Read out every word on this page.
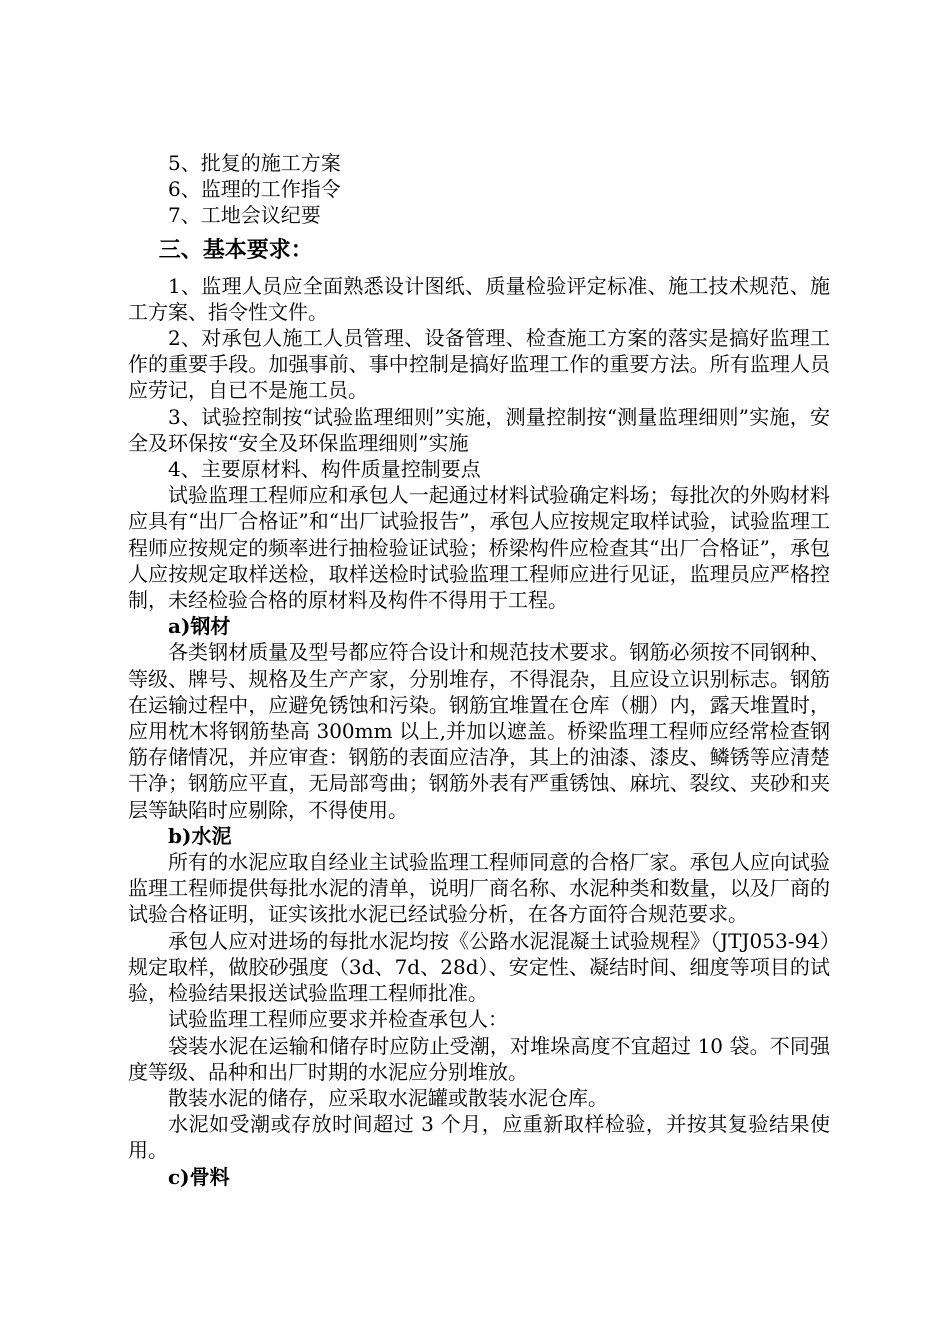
5、批复的施工方案

6、监理的工作指令

7、工地会议纪要

三、基本要求：

1、监理人员应全面熟悉设计图纸、质量检验评定标准、施工技术规范、施工方案、指令性文件。

2、对承包人施工人员管理、设备管理、检查施工方案的落实是搞好监理工作的重要手段。加强事前、事中控制是搞好监理工作的重要方法。所有监理人员应劳记，自已不是施工员。

3、试验控制按“试验监理细则”实施，测量控制按“测量监理细则”实施，安全及环保按“安全及环保监理细则”实施

4、主要原材料、构件质量控制要点

试验监理工程师应和承包人一起通过材料试验确定料场；每批次的外购材料应具有“出厂合格证”和“出厂试验报告”，承包人应按规定取样试验，试验监理工程师应按规定的频率进行抽检验证试验；桥梁构件应检查其“出厂合格证”，承包人应按规定取样送检，取样送检时试验监理工程师应进行见证，监理员应严格控制，未经检验合格的原材料及构件不得用于工程。

a)钢材

各类钢材质量及型号都应符合设计和规范技术要求。钢筋必须按不同钢种、等级、牌号、规格及生产产家，分别堆存，不得混杂，且应设立识别标志。钢筋在运输过程中，应避免锈蚀和污染。钢筋宜堆置在仓库（棚）内，露天堆置时，应用枕木将钢筋垫高 300mm 以上,并加以遮盖。桥梁监理工程师应经常检查钢筋存储情况，并应审查：钢筋的表面应洁净，其上的油漆、漆皮、鳞锈等应清楚干净；钢筋应平直，无局部弯曲；钢筋外表有严重锈蚀、麻坑、裂纹、夹砂和夹层等缺陷时应剔除，不得使用。

b)水泥

所有的水泥应取自经业主试验监理工程师同意的合格厂家。承包人应向试验监理工程师提供每批水泥的清单，说明厂商名称、水泥种类和数量，以及厂商的试验合格证明，证实该批水泥已经试验分析，在各方面符合规范要求。

承包人应对进场的每批水泥均按《公路水泥混凝土试验规程》（JTJ053-94）规定取样，做胶砂强度（3d、7d、28d）、安定性、凝结时间、细度等项目的试验，检验结果报送试验监理工程师批准。

试验监理工程师应要求并检查承包人：

袋装水泥在运输和储存时应防止受潮，对堆垛高度不宜超过 10 袋。不同强度等级、品种和出厂时期的水泥应分别堆放。

散装水泥的储存，应采取水泥罐或散装水泥仓库。

水泥如受潮或存放时间超过 3 个月，应重新取样检验，并按其复验结果使用。

c)骨料
